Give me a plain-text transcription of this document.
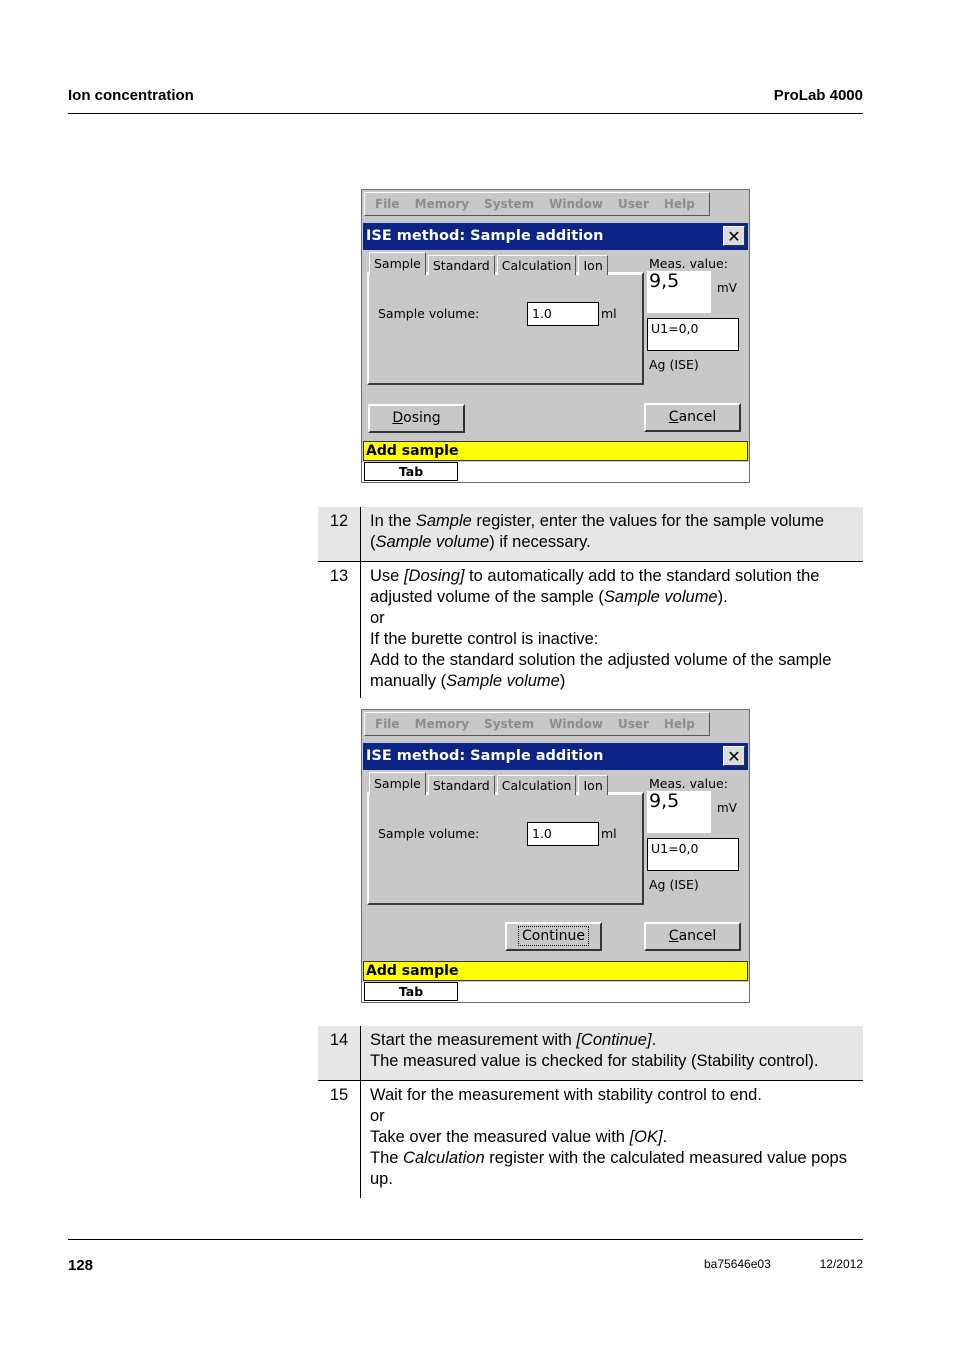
Ion concentration	ProLab 4000
File Memory System Window User Help
ISE method: Sample addition	✕
Sample Standard Calculation Ion
Sample volume:	1.0	ml
Meas. value:
9,5	mV
U1=0,0
Ag (ISE)
Dosing	Cancel
Add sample
Tab
12	In the Sample register, enter the values for the sample volume (Sample volume) if necessary.
13	Use [Dosing] to automatically add to the standard solution the adjusted volume of the sample (Sample volume).
or
If the burette control is inactive:
Add to the standard solution the adjusted volume of the sample manually (Sample volume)
File Memory System Window User Help
ISE method: Sample addition	✕
Sample Standard Calculation Ion
Sample volume:	1.0	ml
Meas. value:
9,5	mV
U1=0,0
Ag (ISE)
Continue	Cancel
Add sample
Tab
14	Start the measurement with [Continue].
The measured value is checked for stability (Stability control).
15	Wait for the measurement with stability control to end.
or
Take over the measured value with [OK].
The Calculation register with the calculated measured value pops up.
128	ba75646e03	12/2012
